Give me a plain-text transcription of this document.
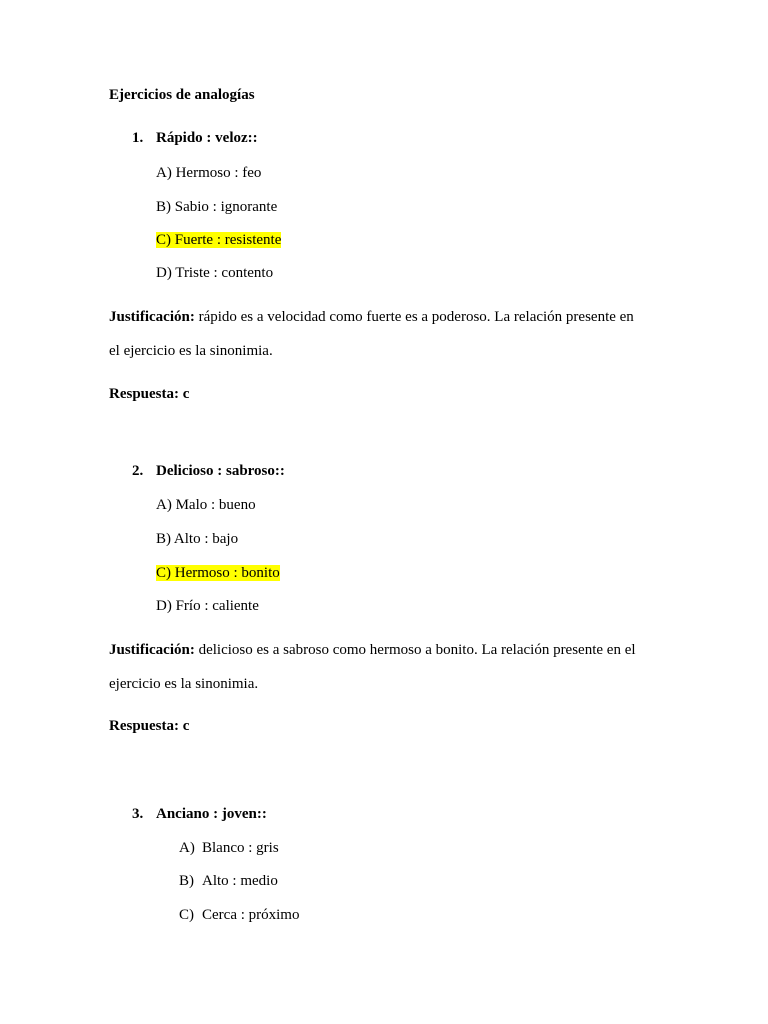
Ejercicios de analogías
1. Rápido : veloz::
A) Hermoso : feo
B) Sabio : ignorante
C) Fuerte : resistente
D) Triste : contento
Justificación: rápido es a velocidad como fuerte es a poderoso. La relación presente en
el ejercicio es la sinonimia.
Respuesta: c
2. Delicioso : sabroso::
A) Malo : bueno
B) Alto : bajo
C) Hermoso : bonito
D) Frío : caliente
Justificación: delicioso es a sabroso como hermoso a bonito. La relación presente en el
ejercicio es la sinonimia.
Respuesta: c
3. Anciano : joven::
A) Blanco : gris
B) Alto : medio
C) Cerca : próximo
